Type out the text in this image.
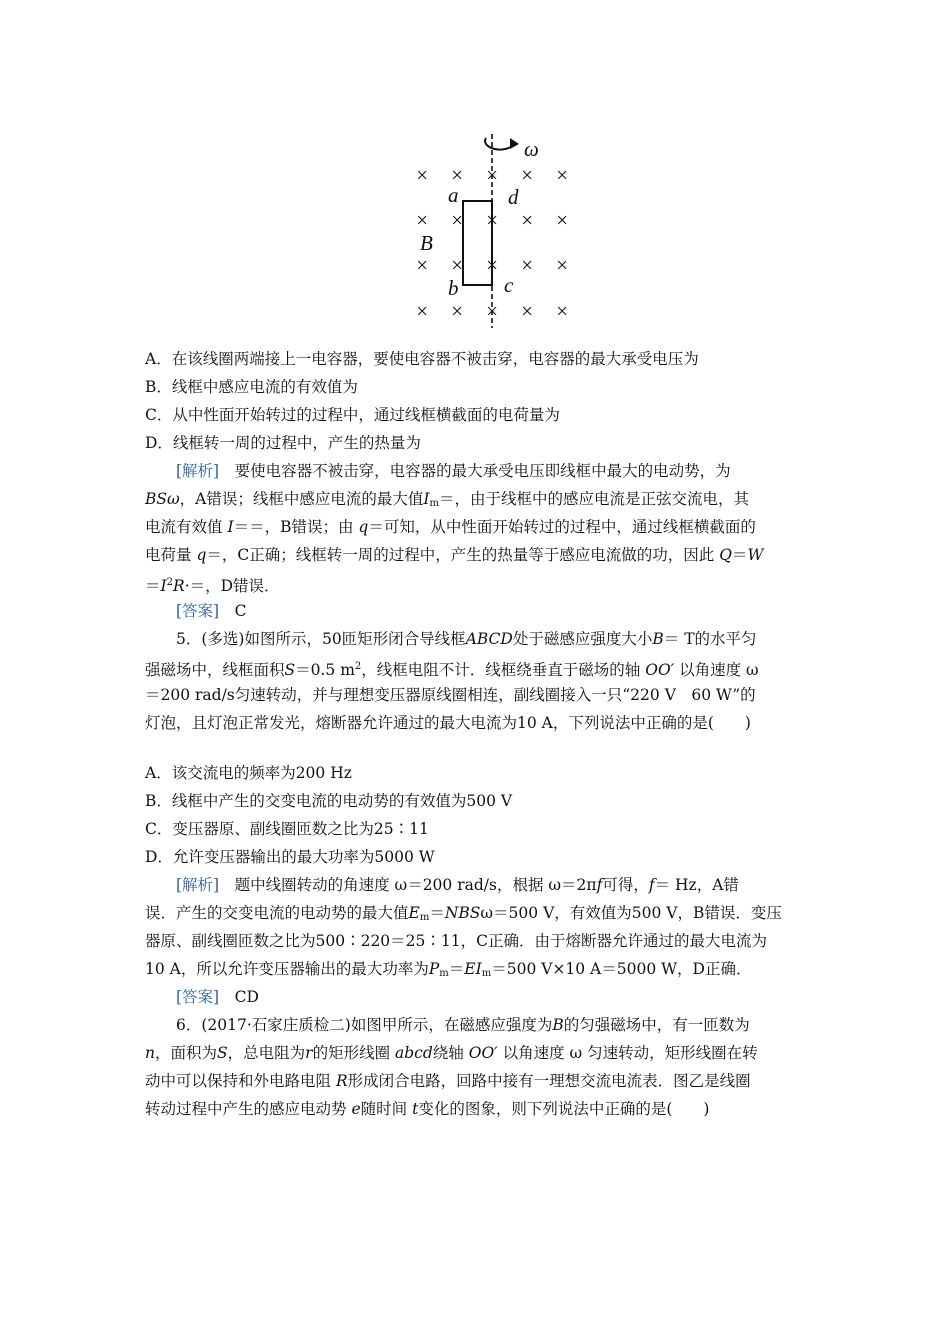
× × × × ×
× × × × ×
× × × × ×
× × × × ×
ω
a d
b c
B
A．在该线圈两端接上一电容器，要使电容器不被击穿，电容器的最大承受电压为
B．线框中感应电流的有效值为
C．从中性面开始转过的过程中，通过线框横截面的电荷量为
D．线框转一周的过程中，产生的热量为
[解析]　 要使电容器不被击穿，电容器的最大承受电压即线框中最大的电动势，为
BSω，A错误；线框中感应电流的最大值$I_m=$，由于线框中的感应电流是正弦交流电，其
电流有效值 I＝＝，B错误；由 q＝可知，从中性面开始转过的过程中，通过线框横截面的
电荷量 q＝，C正确；线框转一周的过程中，产生的热量等于感应电流做的功，因此 Q＝W
$=I^2R\cdot=$，D错误．
[答案]　 C
5．(多选)如图所示，50匝矩形闭合导线框ABCD处于磁感应强度大小B＝ T的水平匀
强磁场中，线框面积S＝0.5 $m^2$，线框电阻不计．线框绕垂直于磁场的轴 OO′ 以角速度 ω
＝200 rad/s匀速转动，并与理想变压器原线圈相连，副线圈接入一只“220 V　60 W”的
灯泡，且灯泡正常发光，熔断器允许通过的最大电流为10 A，下列说法中正确的是(　　)
A．该交流电的频率为200 Hz
B．线框中产生的交变电流的电动势的有效值为500 V
C．变压器原、副线圈匝数之比为25∶11
D．允许变压器输出的最大功率为5000 W
[解析]　 题中线圈转动的角速度 ω＝200 rad/s，根据 ω＝2πf可得，f＝ Hz，A错
误．产生的交变电流的电动势的最大值$E_m=NBS\omega=500$ V，有效值为500 V，B错误．变压
器原、副线圈匝数之比为500∶220＝25∶11，C正确．由于熔断器允许通过的最大电流为
10 A，所以允许变压器输出的最大功率为$P_m=EI_m=500$ V×10 A＝5000 W，D正确．
[答案]　 CD
6．(2017·石家庄质检二)如图甲所示，在磁感应强度为B的匀强磁场中，有一匝数为
n，面积为S，总电阻为r的矩形线圈 abcd绕轴 OO′ 以角速度 ω 匀速转动，矩形线圈在转
动中可以保持和外电路电阻 R形成闭合电路，回路中接有一理想交流电流表．图乙是线圈
转动过程中产生的感应电动势 e随时间 t变化的图象，则下列说法中正确的是(　　)
